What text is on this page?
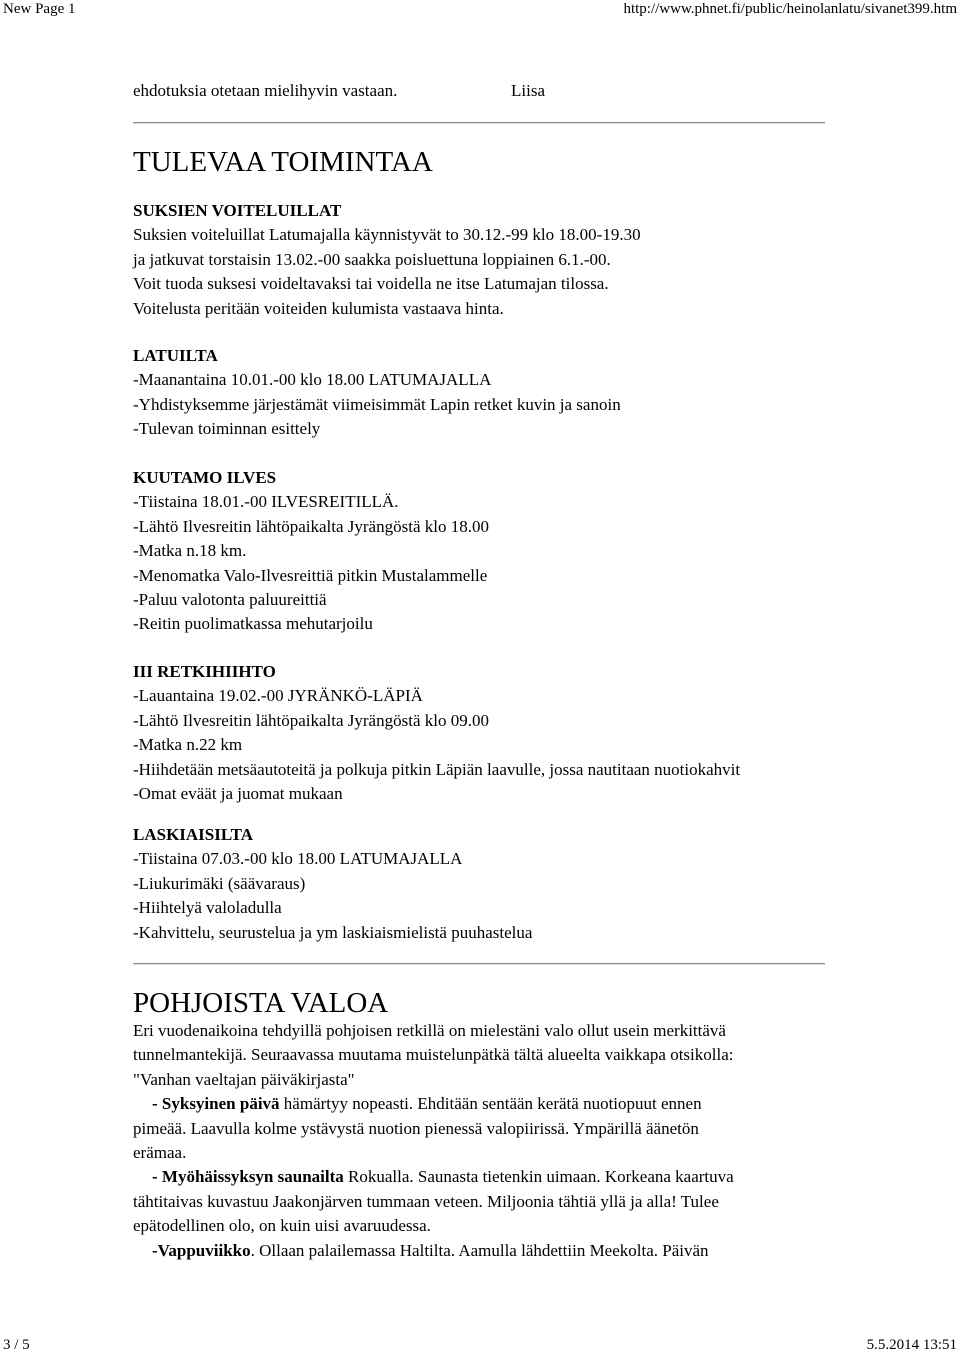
New Page 1	http://www.phnet.fi/public/heinolanlatu/sivanet399.htm
ehdotuksia otetaan mielihyvin vastaan.	Liisa
TULEVAA TOIMINTAA
SUKSIEN VOITELUILLAT
Suksien voiteluillat Latumajalla käynnistyvät to 30.12.-99 klo 18.00-19.30
ja jatkuvat torstaisin 13.02.-00 saakka poisluettuna loppiainen 6.1.-00.
Voit tuoda suksesi voideltavaksi tai voidella ne itse Latumajan tilossa.
Voitelusta peritään voiteiden kulumista vastaava hinta.
LATUILTA
-Maanantaina 10.01.-00 klo 18.00 LATUMAJALLA
-Yhdistyksemme järjestämät viimeisimmät Lapin retket kuvin ja sanoin
-Tulevan toiminnan esittely
KUUTAMO ILVES
-Tiistaina 18.01.-00 ILVESREITILLÄ.
-Lähtö Ilvesreitin lähtöpaikalta Jyrängöstä klo 18.00
-Matka n.18 km.
-Menomatka Valo-Ilvesreittiä pitkin Mustalammelle
-Paluu valotonta paluureittiä
-Reitin puolimatkassa mehutarjoilu
III RETKIHIIHTO
-Lauantaina 19.02.-00 JYRÄNKÖ-LÄPIÄ
-Lähtö Ilvesreitin lähtöpaikalta Jyrängöstä klo 09.00
-Matka n.22 km
-Hiihdetään metsäautoteitä ja polkuja pitkin Läpiän laavulle, jossa nautitaan nuotiokahvit
-Omat eväät ja juomat mukaan
LASKIAISILTA
-Tiistaina 07.03.-00 klo 18.00 LATUMAJALLA
-Liukurimäki (säävaraus)
-Hiihtelyä valoladulla
-Kahvittelu, seurustelua ja ym laskiaismielistä puuhastelua
POHJOISTA VALOA
Eri vuodenaikoina tehdyillä pohjoisen retkillä on mielestäni valo ollut usein merkittävä
tunnelmantekijä. Seuraavassa muutama muistelunpätkä tältä alueelta vaikkapa otsikolla:
"Vanhan vaeltajan päiväkirjasta"
- Syksyinen päivä hämärtyy nopeasti. Ehditään sentään kerätä nuotiopuut ennen
pimeää. Laavulla kolme ystävystä nuotion pienessä valopiirissä. Ympärillä äänetön
erämaa.
- Myöhäissyksyn saunailta Rokualla. Saunasta tietenkin uimaan. Korkeana kaartuva
tähtitaivas kuvastuu Jaakonjärven tummaan veteen. Miljoonia tähtiä yllä ja alla! Tulee
epätodellinen olo, on kuin uisi avaruudessa.
-Vappuviikko. Ollaan palailemassa Haltilta. Aamulla lähdettiin Meekolta. Päivän
3 / 5	5.5.2014 13:51
